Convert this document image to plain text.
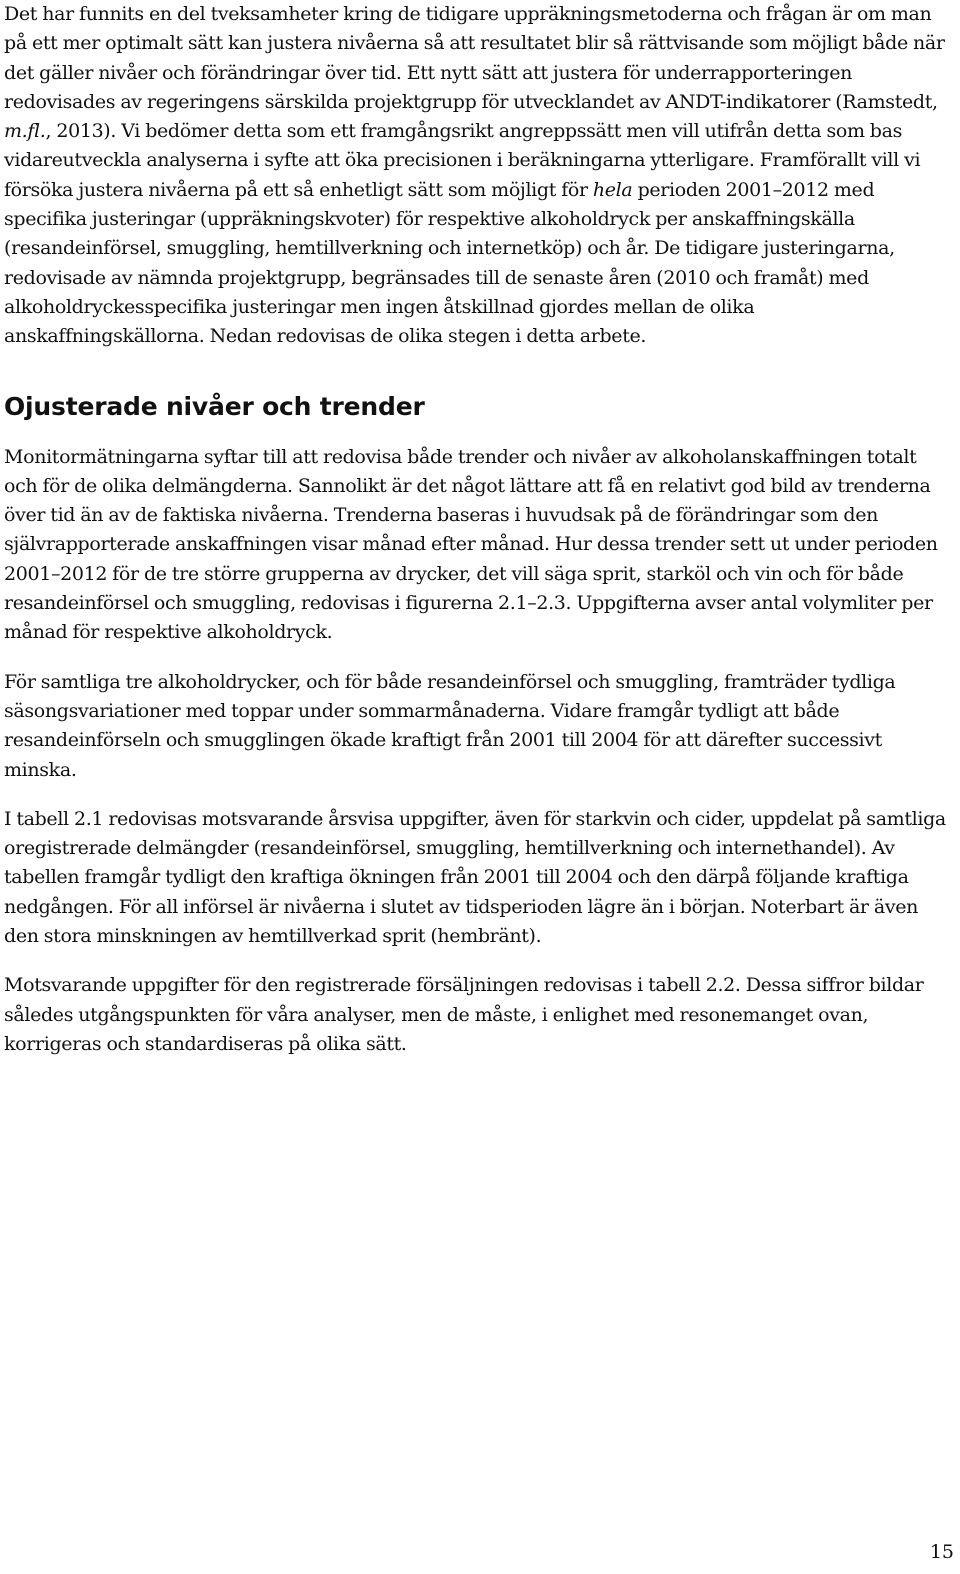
Det har funnits en del tveksamheter kring de tidigare uppräkningsmetoderna och frågan är om man på ett mer optimalt sätt kan justera nivåerna så att resultatet blir så rättvisande som möjligt både när det gäller nivåer och förändringar över tid. Ett nytt sätt att justera för underrapporteringen redovisades av regeringens särskilda projektgrupp för utvecklandet av ANDT-indikatorer (Ramstedt, m.fl., 2013). Vi bedömer detta som ett framgångsrikt angreppssätt men vill utifrån detta som bas vidareutveckla analyserna i syfte att öka precisionen i beräkningarna ytterligare. Framförallt vill vi försöka justera nivåerna på ett så enhetligt sätt som möjligt för hela perioden 2001–2012 med specifika justeringar (uppräkningskvoter) för respektive alkoholdryck per anskaffningskälla (resandeinförsel, smuggling, hemtillverkning och internetköp) och år. De tidigare justeringarna, redovisade av nämnda projektgrupp, begränsades till de senaste åren (2010 och framåt) med alkoholdryckesspecifika justeringar men ingen åtskillnad gjordes mellan de olika anskaffningskällorna. Nedan redovisas de olika stegen i detta arbete.

Ojusterade nivåer och trender

Monitormätningarna syftar till att redovisa både trender och nivåer av alkoholanskaffningen totalt och för de olika delmängderna. Sannolikt är det något lättare att få en relativt god bild av trenderna över tid än av de faktiska nivåerna. Trenderna baseras i huvudsak på de förändringar som den självrapporterade anskaffningen visar månad efter månad. Hur dessa trender sett ut under perioden 2001–2012 för de tre större grupperna av drycker, det vill säga sprit, starköl och vin och för både resandeinförsel och smuggling, redovisas i figurerna 2.1–2.3. Uppgifterna avser antal volymliter per månad för respektive alkoholdryck.

För samtliga tre alkoholdrycker, och för både resandeinförsel och smuggling, framträder tydliga säsongsvariationer med toppar under sommarmånaderna. Vidare framgår tydligt att både resandeinförseln och smugglingen ökade kraftigt från 2001 till 2004 för att därefter successivt minska.

I tabell 2.1 redovisas motsvarande årsvisa uppgifter, även för starkvin och cider, uppdelat på samtliga oregistrerade delmängder (resandeinförsel, smuggling, hemtillverkning och internethandel). Av tabellen framgår tydligt den kraftiga ökningen från 2001 till 2004 och den därpå följande kraftiga nedgången. För all införsel är nivåerna i slutet av tidsperioden lägre än i början. Noterbart är även den stora minskningen av hemtillverkad sprit (hembränt).

Motsvarande uppgifter för den registrerade försäljningen redovisas i tabell 2.2. Dessa siffror bildar således utgångspunkten för våra analyser, men de måste, i enlighet med resonemanget ovan, korrigeras och standardiseras på olika sätt.

15
